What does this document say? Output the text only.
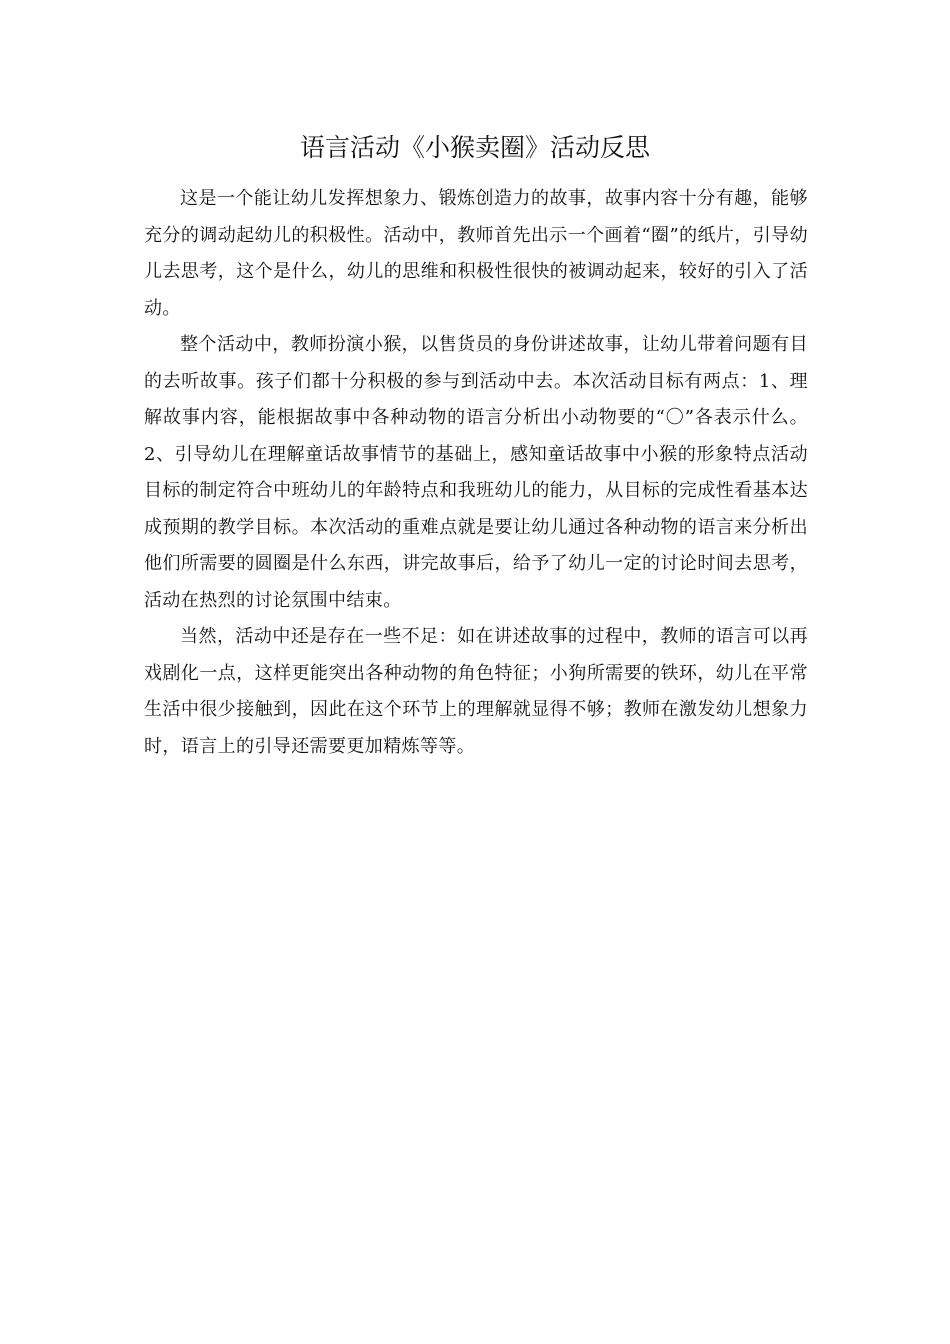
语言活动《小猴卖圈》活动反思

这是一个能让幼儿发挥想象力、锻炼创造力的故事，故事内容十分有趣，能够充分的调动起幼儿的积极性。活动中，教师首先出示一个画着“圈”的纸片，引导幼儿去思考，这个是什么，幼儿的思维和积极性很快的被调动起来，较好的引入了活动。

整个活动中，教师扮演小猴，以售货员的身份讲述故事，让幼儿带着问题有目的去听故事。孩子们都十分积极的参与到活动中去。本次活动目标有两点：1、理解故事内容，能根据故事中各种动物的语言分析出小动物要的“〇”各表示什么。2、引导幼儿在理解童话故事情节的基础上，感知童话故事中小猴的形象特点活动目标的制定符合中班幼儿的年龄特点和我班幼儿的能力，从目标的完成性看基本达成预期的教学目标。本次活动的重难点就是要让幼儿通过各种动物的语言来分析出他们所需要的圆圈是什么东西，讲完故事后，给予了幼儿一定的讨论时间去思考，活动在热烈的讨论氛围中结束。

当然，活动中还是存在一些不足：如在讲述故事的过程中，教师的语言可以再戏剧化一点，这样更能突出各种动物的角色特征；小狗所需要的铁环，幼儿在平常生活中很少接触到，因此在这个环节上的理解就显得不够；教师在激发幼儿想象力时，语言上的引导还需要更加精炼等等。
